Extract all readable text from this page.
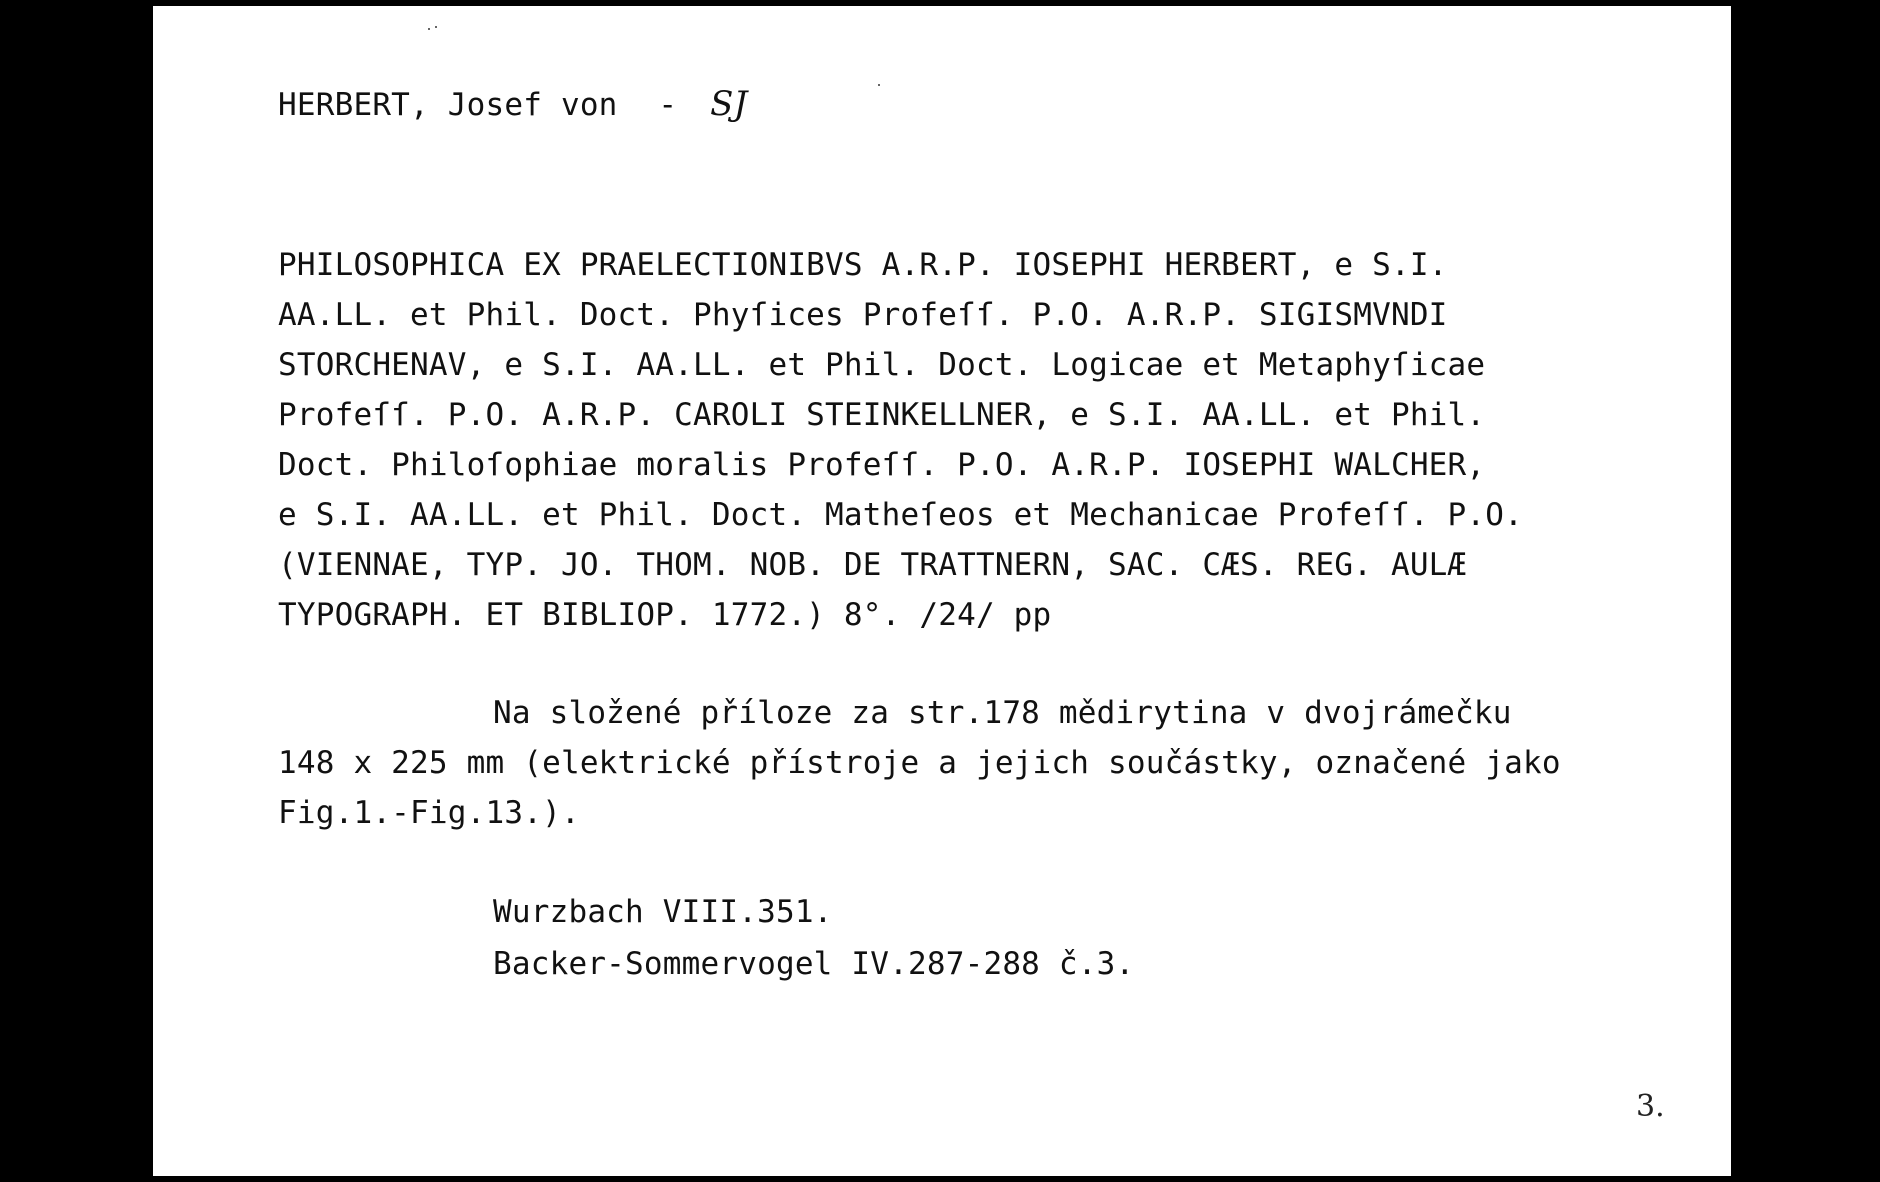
HERBERT, Josef von - SJ
PHILOSOPHICA EX PRAELECTIONIBVS A.R.P. IOSEPHI HERBERT, e S.I.
AA.LL. et Phil. Doct. Phyſices Profeſſ. P.O. A.R.P. SIGISMVNDI
STORCHENAV, e S.I. AA.LL. et Phil. Doct. Logicae et Metaphyſicae
Profeſſ. P.O. A.R.P. CAROLI STEINKELLNER, e S.I. AA.LL. et Phil.
Doct. Philoſophiae moralis Profeſſ. P.O. A.R.P. IOSEPHI WALCHER,
e S.I. AA.LL. et Phil. Doct. Matheſeos et Mechanicae Profeſſ. P.O.
(VIENNAE, TYP. JO. THOM. NOB. DE TRATTNERN, SAC. CÆS. REG. AULÆ
TYPOGRAPH. ET BIBLIOP. 1772.) 8°. /24/ pp
Na složené příloze za str.178 mědirytina v dvojrámečku
148 x 225 mm (elektrické přístroje a jejich součástky, označené jako
Fig.1.-Fig.13.).
Wurzbach VIII.351.
Backer-Sommervogel IV.287-288 č.3.
3.
